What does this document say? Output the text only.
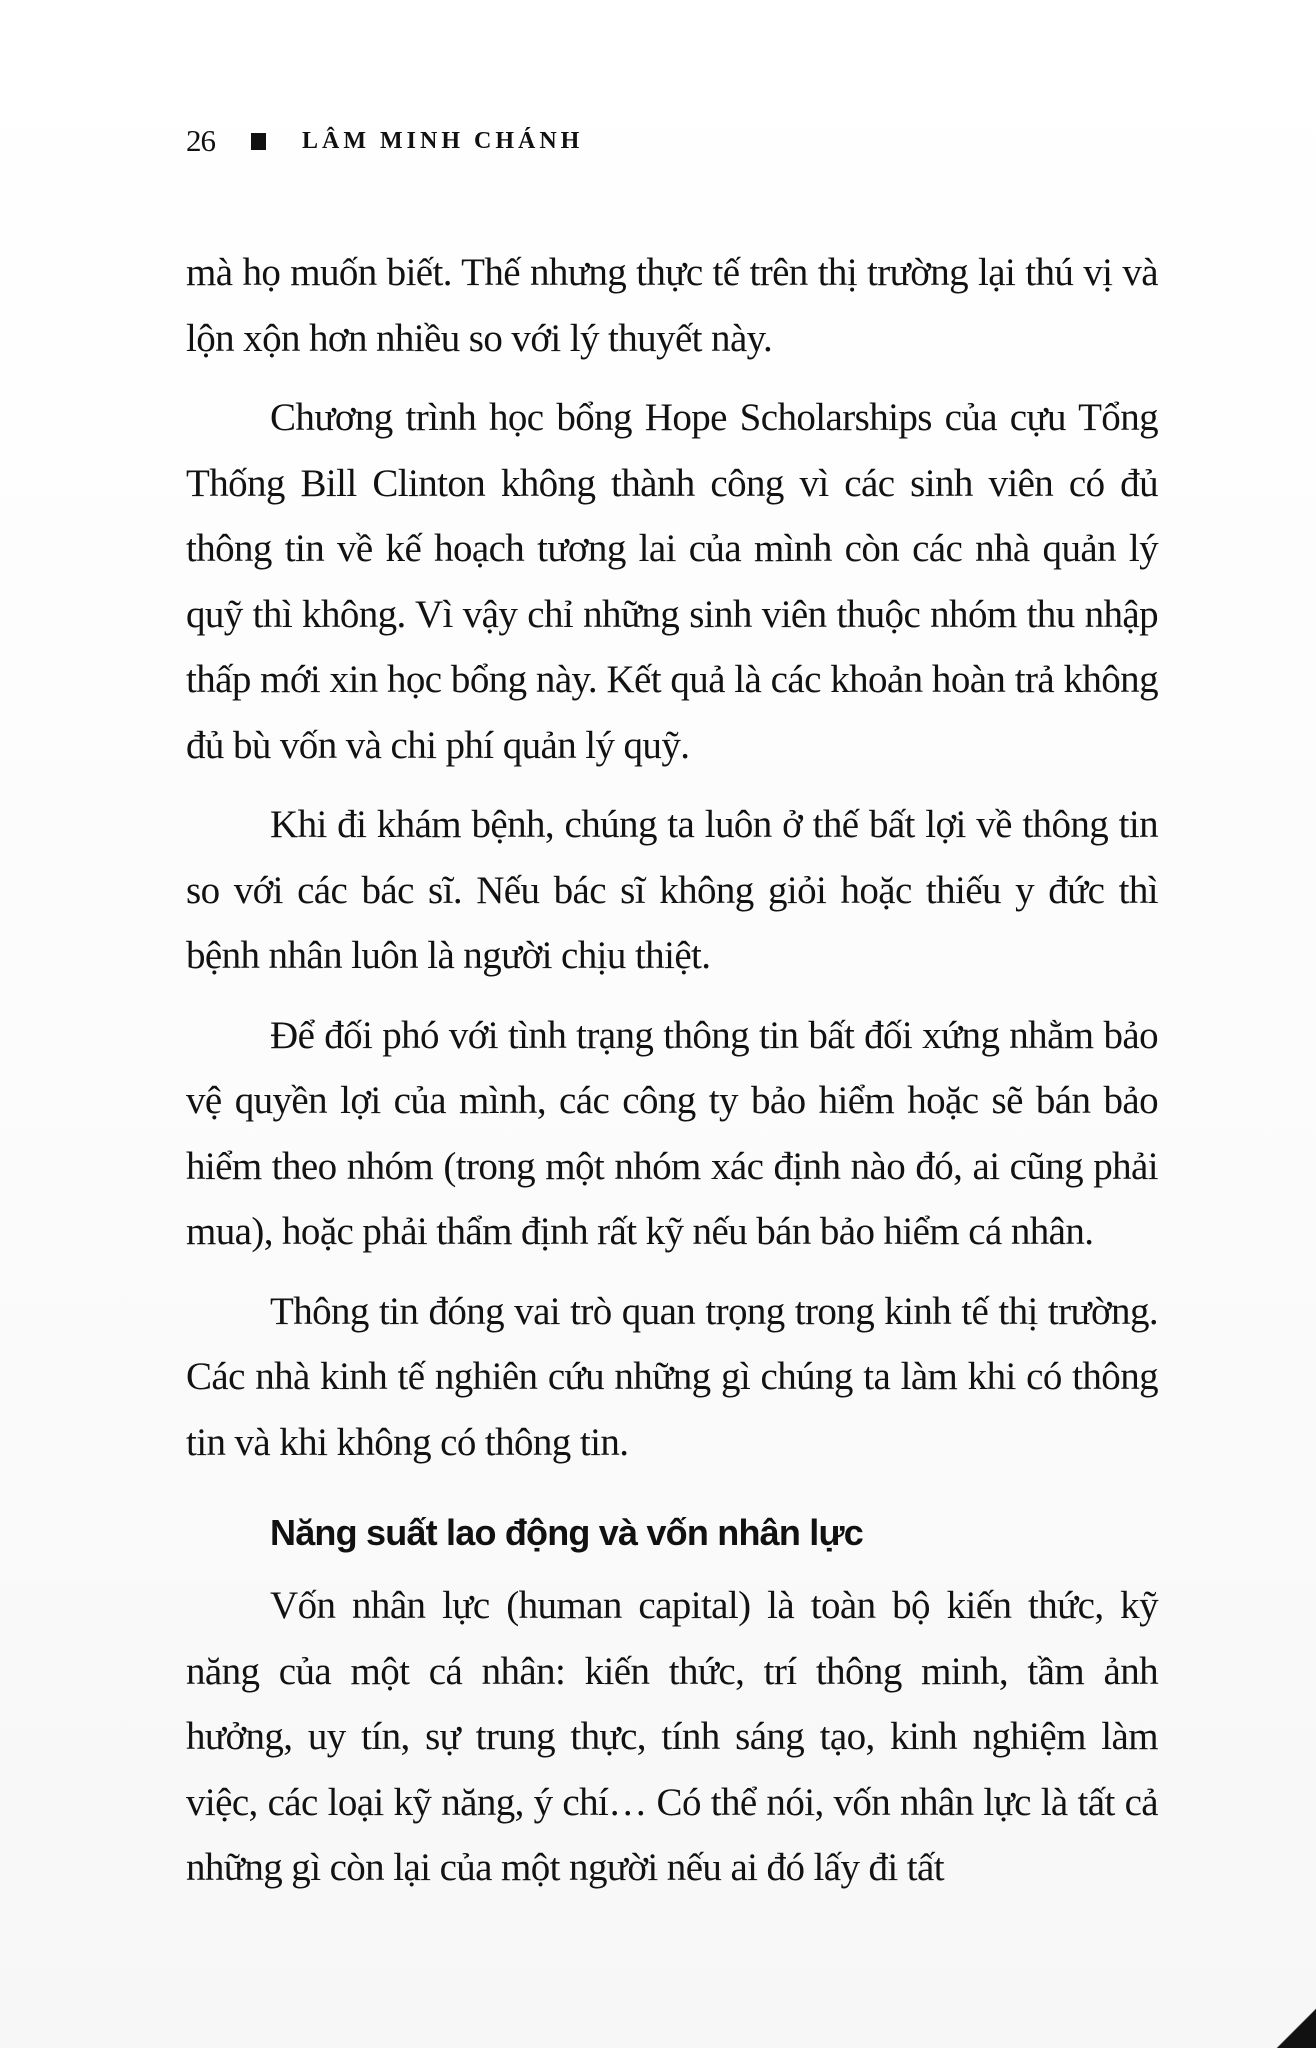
26	LÂM MINH CHÁNH

mà họ muốn biết. Thế nhưng thực tế trên thị trường lại thú vị và lộn xộn hơn nhiều so với lý thuyết này.

Chương trình học bổng Hope Scholarships của cựu Tổng Thống Bill Clinton không thành công vì các sinh viên có đủ thông tin về kế hoạch tương lai của mình còn các nhà quản lý quỹ thì không. Vì vậy chỉ những sinh viên thuộc nhóm thu nhập thấp mới xin học bổng này. Kết quả là các khoản hoàn trả không đủ bù vốn và chi phí quản lý quỹ.

Khi đi khám bệnh, chúng ta luôn ở thế bất lợi về thông tin so với các bác sĩ. Nếu bác sĩ không giỏi hoặc thiếu y đức thì bệnh nhân luôn là người chịu thiệt.

Để đối phó với tình trạng thông tin bất đối xứng nhằm bảo vệ quyền lợi của mình, các công ty bảo hiểm hoặc sẽ bán bảo hiểm theo nhóm (trong một nhóm xác định nào đó, ai cũng phải mua), hoặc phải thẩm định rất kỹ nếu bán bảo hiểm cá nhân.

Thông tin đóng vai trò quan trọng trong kinh tế thị trường. Các nhà kinh tế nghiên cứu những gì chúng ta làm khi có thông tin và khi không có thông tin.

Năng suất lao động và vốn nhân lực

Vốn nhân lực (human capital) là toàn bộ kiến thức, kỹ năng của một cá nhân: kiến thức, trí thông minh, tầm ảnh hưởng, uy tín, sự trung thực, tính sáng tạo, kinh nghiệm làm việc, các loại kỹ năng, ý chí… Có thể nói, vốn nhân lực là tất cả những gì còn lại của một người nếu ai đó lấy đi tất
